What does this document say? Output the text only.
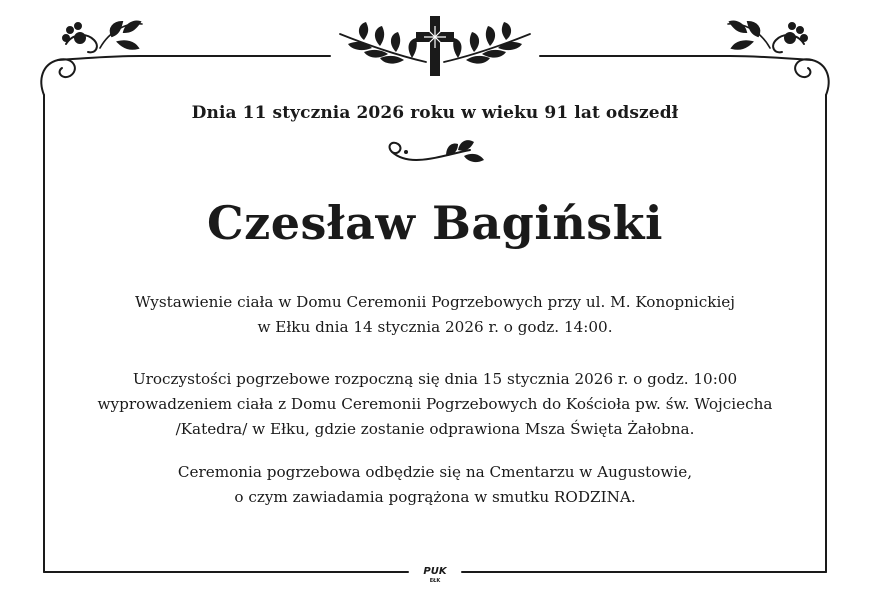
PUK
EŁK

Dnia 11 stycznia 2026 roku w wieku 91 lat odszedł

Czesław Bagiński
Wystawienie ciała w Domu Ceremonii Pogrzebowych przy ul. M. Konopnickiej
w Ełku dnia 14 stycznia 2026 r. o godz. 14:00.
Uroczystości pogrzebowe rozpoczną się dnia 15 stycznia 2026 r. o godz. 10:00
wyprowadzeniem ciała z Domu Ceremonii Pogrzebowych do Kościoła pw. św. Wojciecha
/Katedra/ w Ełku, gdzie zostanie odprawiona Msza Święta Żałobna.
Ceremonia pogrzebowa odbędzie się na Cmentarzu w Augustowie,
o czym zawiadamia pogrążona w smutku RODZINA.
